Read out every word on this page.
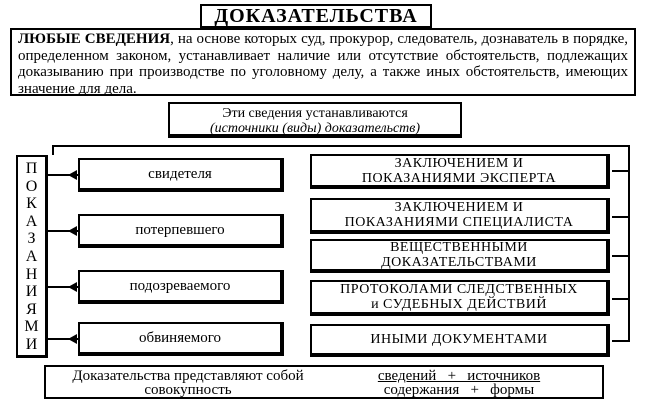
ДОКАЗАТЕЛЬСТВА
ЛЮБЫЕ СВЕДЕНИЯ, на основе которых суд, прокурор, следователь, дознаватель в порядке, определенном законом, устанавливает наличие или отсутствие обстоятельств, подлежащих доказыванию при производстве по уголовному делу, а также иных обстоятельств, имеющих значение для дела.
Эти сведения устанавливаются
(источники (виды) доказательств)
П
О
К
А
З
А
Н
И
Я
М
И
свидетеля
потерпевшего
подозреваемого
обвиняемого
ЗАКЛЮЧЕНИЕМ И
ПОКАЗАНИЯМИ ЭКСПЕРТА
ЗАКЛЮЧЕНИЕМ И
ПОКАЗАНИЯМИ СПЕЦИАЛИСТА
ВЕЩЕСТВЕННЫМИ
ДОКАЗАТЕЛЬСТВАМИ
ПРОТОКОЛАМИ СЛЕДСТВЕННЫХ
и СУДЕБНЫХ ДЕЙСТВИЙ
ИНЫМИ ДОКУМЕНТАМИ
Доказательства представляют собой совокупность
сведений   +   источников
содержания   +   формы
